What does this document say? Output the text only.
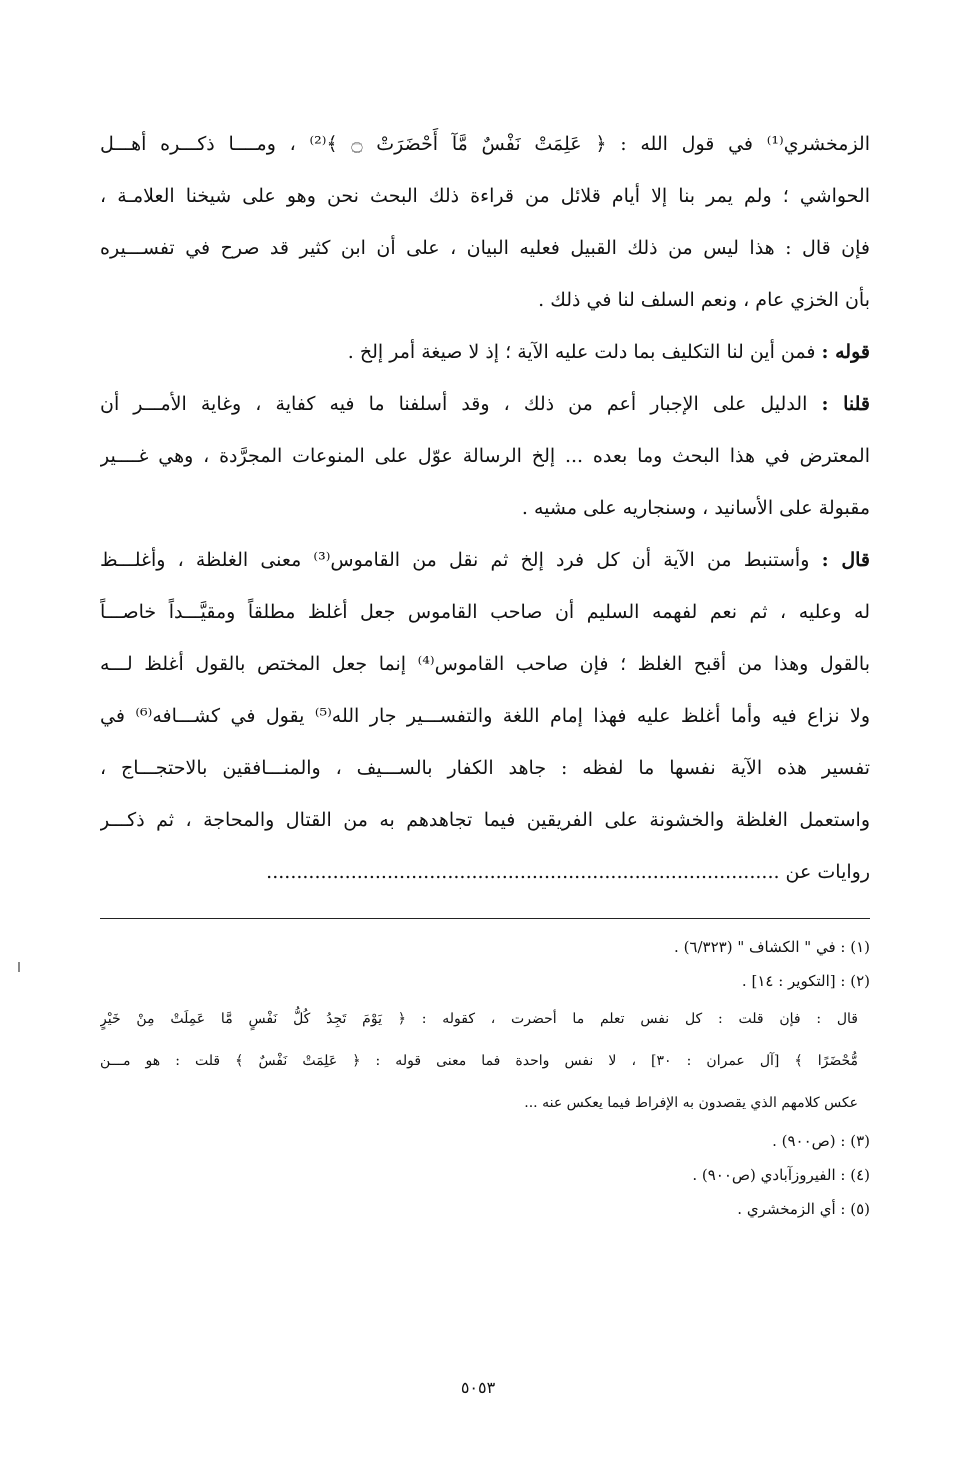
الزمخشري⁽¹⁾ في قول الله : ﴿ عَلِمَتْ نَفْسٌ مَّآ أَحْضَرَتْ ۝ ﴾⁽²⁾ ، ومــــا ذكـــره أهـــل
الحواشي ؛ ولم يمر بنا إلا أيام قلائل من قراءة ذلك البحث نحن وهو على شيخنا العلامـة ،
فإن قال : هذا ليس من ذلك القبيل فعليه البيان ، على أن ابن كثير قد صرح في تفســـيره
بأن الخزي عام ، ونعم السلف لنا في ذلك .
قوله : فمن أين لنا التكليف بما دلت عليه الآية ؛ إذ لا صيغة أمر إلخ .
قلنا : الدليل على الإجبار أعم من ذلك ، وقد أسلفنا ما فيه كفاية ، وغاية الأمـــر أن
المعترض في هذا البحث وما بعده ... إلخ الرسالة عوّل على المنوعات المجرَّدة ، وهي غــــير
مقبولة على الأسانيد ، وسنجاريه على مشيه .
قال : وأستنبط من الآية أن كل فرد إلخ ثم نقل من القاموس⁽³⁾ معنى الغلظة ، وأغلـــظ
له وعليه ، ثم نعم لفهمه السليم أن صاحب القاموس جعل أغلظ مطلقاً ومقيَّـــداً خاصـــاً
بالقول وهذا من أقبح الغلظ ؛ فإن صاحب القاموس⁽⁴⁾ إنما جعل المختص بالقول أغلظ لـــه
ولا نزاع فيه وأما أغلظ عليه فهذا إمام اللغة والتفســـير جار الله⁽⁵⁾ يقول في كشـــافه⁽⁶⁾ في
تفسير هذه الآية نفسها ما لفظه : جاهد الكفار بالســـيف ، والمنـــافقين بالاحتجـــاج ،
واستعمل الغلظة والخشونة على الفريقين فيما تجاهدهم به من القتال والمحاجة ، ثم ذكـــر
روايات عن .....................................................................................
(١) : في " الكشاف " (٦/٣٢٣) .
(٢) : [التكوير : ١٤] .
قال : فإن قلت : كل نفس تعلم ما أحضرت ، كقوله : ﴿ يَوْمَ تَجِدُ كُلُّ نَفْسٍ مَّا عَمِلَتْ مِنْ خَيْرٍ
مُّحْضَرًا ﴾ [آل عمران : ٣٠] ، لا نفس واحدة فما معنى قوله : ﴿ عَلِمَتْ نَفْسٌ ﴾ قلت : هو مـــن
عكس كلامهم الذي يقصدون به الإفراط فيما يعكس عنه ...
(٣) : (ص٩٠٠) .
(٤) : الفيروزآبادي (ص٩٠٠) .
(٥) : أي الزمخشري .
٥٠٥٣
